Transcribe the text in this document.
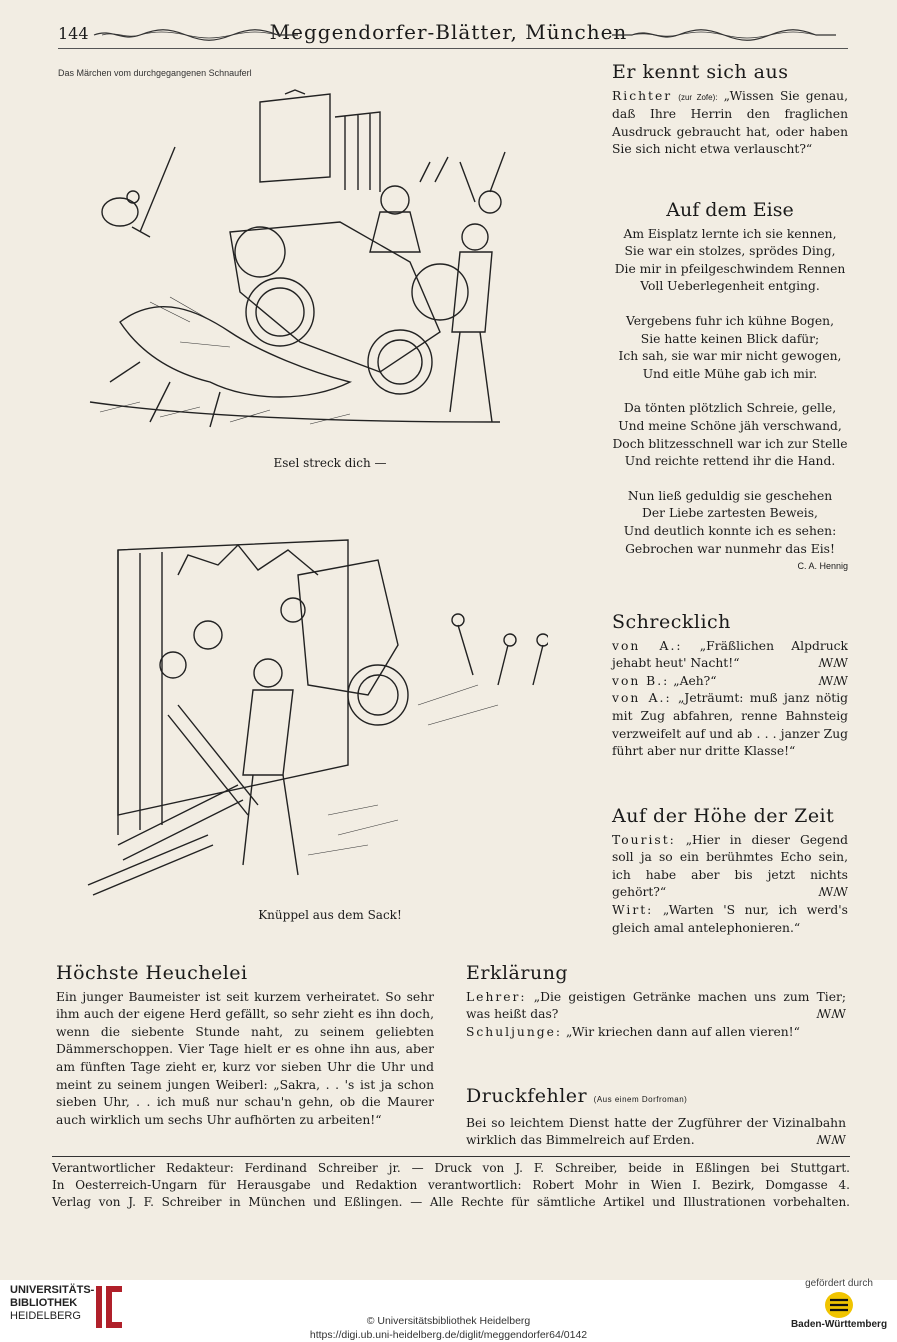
144	Meggendorfer-Blätter, München
Das Märchen vom durchgegangenen Schnauferl
Esel streck dich —
Knüppel aus dem Sack!
Er kennt sich aus

Richter (zur Zofe): „Wissen Sie genau, daß Ihre Herrin den fraglichen Ausdruck gebraucht hat, oder haben Sie sich nicht etwa verlauscht?“

Auf dem Eise

Am Eisplatz lernte ich sie kennen,

Sie war ein stolzes, sprödes Ding,

Die mir in pfeilgeschwindem Rennen

Voll Ueberlegenheit entging.

Vergebens fuhr ich kühne Bogen,

Sie hatte keinen Blick dafür;

Ich sah, sie war mir nicht gewogen,

Und eitle Mühe gab ich mir.

Da tönten plötzlich Schreie, gelle,

Und meine Schöne jäh verschwand,

Doch blitzesschnell war ich zur Stelle

Und reichte rettend ihr die Hand.

Nun ließ geduldig sie geschehen

Der Liebe zartesten Beweis,

Und deutlich konnte ich es sehen:

Gebrochen war nunmehr das Eis!

C. A. Hennig
Schrecklich

von A.: „Fräßlichen Alpdruck jehabt heut' Nacht!“	ꟿꟿ

von B.: „Aeh?“	ꟿꟿ

von A.: „Jeträumt: muß janz nötig mit Zug abfahren, renne Bahnsteig verzweifelt auf und ab . . . janzer Zug führt aber nur dritte Klasse!“

Auf der Höhe der Zeit

Tourist: „Hier in dieser Gegend soll ja so ein berühmtes Echo sein, ich habe aber bis jetzt nichts gehört?“	ꟿꟿ

Wirt: „Warten 'S nur, ich werd's gleich amal antelephonieren.“

Höchste Heuchelei

Ein junger Baumeister ist seit kurzem verheiratet. So sehr ihm auch der eigene Herd gefällt, so sehr zieht es ihn doch, wenn die siebente Stunde naht, zu seinem geliebten Dämmerschoppen. Vier Tage hielt er es ohne ihn aus, aber am fünften Tage zieht er, kurz vor sieben Uhr die Uhr und meint zu seinem jungen Weiberl: „Sakra, . . 's ist ja schon sieben Uhr, . . ich muß nur schau'n gehn, ob die Maurer auch wirklich um sechs Uhr aufhörten zu arbeiten!“

Erklärung

Lehrer: „Die geistigen Getränke machen uns zum Tier; was heißt das?	ꟿꟿ

Schuljunge: „Wir kriechen dann auf allen vieren!“

Druckfehler (Aus einem Dorfroman)

Bei so leichtem Dienst hatte der Zugführer der Vizinalbahn wirklich das Bimmelreich auf Erden.	ꟿꟿ

Verantwortlicher Redakteur: Ferdinand Schreiber jr. — Druck von J. F. Schreiber, beide in Eßlingen bei Stuttgart.

In Oesterreich-Ungarn für Herausgabe und Redaktion verantwortlich: Robert Mohr in Wien I. Bezirk, Domgasse 4.

Verlag von J. F. Schreiber in München und Eßlingen. — Alle Rechte für sämtliche Artikel und Illustrationen vorbehalten.

UNIVERSITÄTS-
BIBLIOTHEK
HEIDELBERG
gefördert durch
Baden-Württemberg
© Universitätsbibliothek Heidelberg
https://digi.ub.uni-heidelberg.de/diglit/meggendorfer64/0142
